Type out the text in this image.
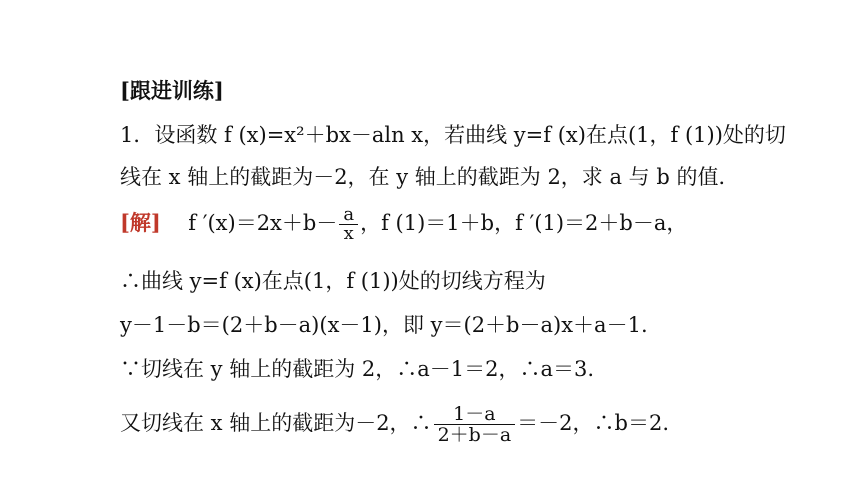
[跟进训练]
1．设函数 f (x)=x²＋bx－aln x，若曲线 y=f (x)在点(1，f (1))处的切
线在 x 轴上的截距为－2，在 y 轴上的截距为 2，求 a 与 b 的值．
[解] f $'(x)=2x+b- \frac{a}{x}$ ，f (1)＝1＋b，f ′(1)＝2＋b－a，
∴曲线 y=f (x)在点(1，f (1))处的切线方程为
y－1－b＝(2＋b－a)(x－1)，即 y＝(2＋b－a)x＋a－1.
∵切线在 y 轴上的截距为 2，∴a－1＝2，∴a＝3.
又切线在 x 轴上的截距为－2，∴ $\frac{1-a}{2+b-a} =-2$，∴b＝2.
